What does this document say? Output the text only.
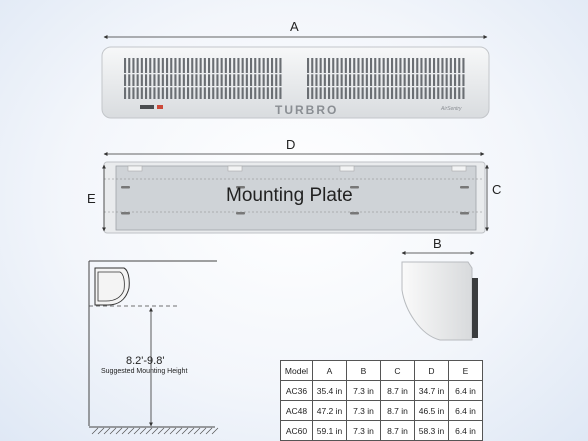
A
TURBRO	AirSentry
D
E
C
Mounting Plate
B
8.2'-9.8'
Suggested Mounting Height	Model	A	B	C	D	E
AC36	35.4 in	7.3 in	8.7 in	34.7 in	6.4 in
AC48	47.2 in	7.3 in	8.7 in	46.5 in	6.4 in
AC60	59.1 in	7.3 in	8.7 in	58.3 in	6.4 in
